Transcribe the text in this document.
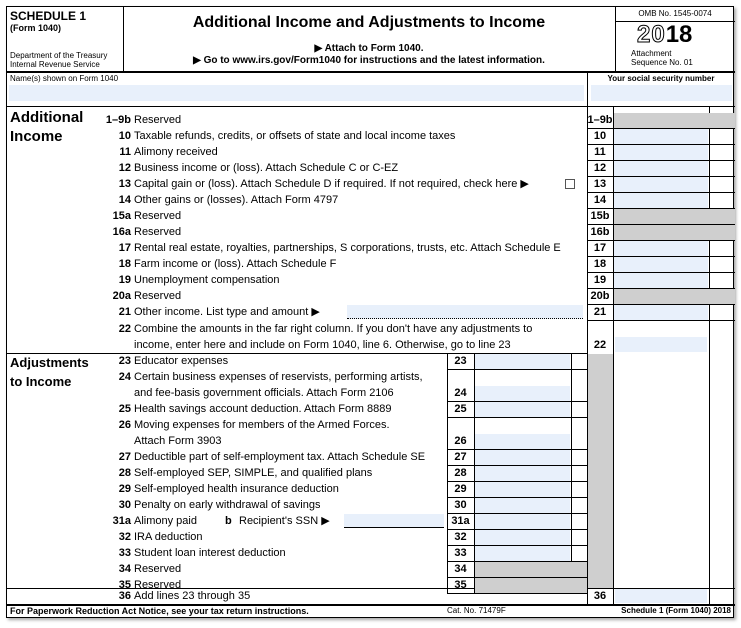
SCHEDULE 1
(Form 1040)
Department of the Treasury
Internal Revenue Service
Additional Income and Adjustments to Income
▶ Attach to Form 1040.
▶ Go to www.irs.gov/Form1040 for instructions and the latest information.
OMB No. 1545-0074
2018
Attachment
Sequence No. 01
Name(s) shown on Form 1040	Your social security number
Additional
Income
22 Combine the amounts in the far right column. If you don't have any adjustments to
income, enter here and include on Form 1040, line 6. Otherwise, go to line 23	22
Adjustments
to Income
36 Add lines 23 through 35	36
For Paperwork Reduction Act Notice, see your tax return instructions.	Cat. No. 71479F	Schedule 1 (Form 1040) 2018
1–9b Reserved	1–9b
10 Taxable refunds, credits, or offsets of state and local income taxes	10
11 Alimony received	11
12 Business income or (loss). Attach Schedule C or C-EZ	12
13 Capital gain or (loss). Attach Schedule D if required. If not required, check here ▶	13
14 Other gains or (losses). Attach Form 4797	14
15a Reserved	15b
16a Reserved	16b
17 Rental real estate, royalties, partnerships, S corporations, trusts, etc. Attach Schedule E	17
18 Farm income or (loss). Attach Schedule F	18
19 Unemployment compensation	19
20a Reserved	20b
21 Other income. List type and amount ▶	21
23 Educator expenses	23
24 Certain business expenses of reservists, performing artists,
and fee-basis government officials. Attach Form 2106	24
25 Health savings account deduction. Attach Form 8889	25
26 Moving expenses for members of the Armed Forces.
Attach Form 3903	26
27 Deductible part of self-employment tax. Attach Schedule SE	27
28 Self-employed SEP, SIMPLE, and qualified plans	28
29 Self-employed health insurance deduction	29
30 Penalty on early withdrawal of savings	30
31a Alimony paid	b Recipient's SSN ▶	31a
32 IRA deduction	32
33 Student loan interest deduction	33
34 Reserved	34
35 Reserved	35
